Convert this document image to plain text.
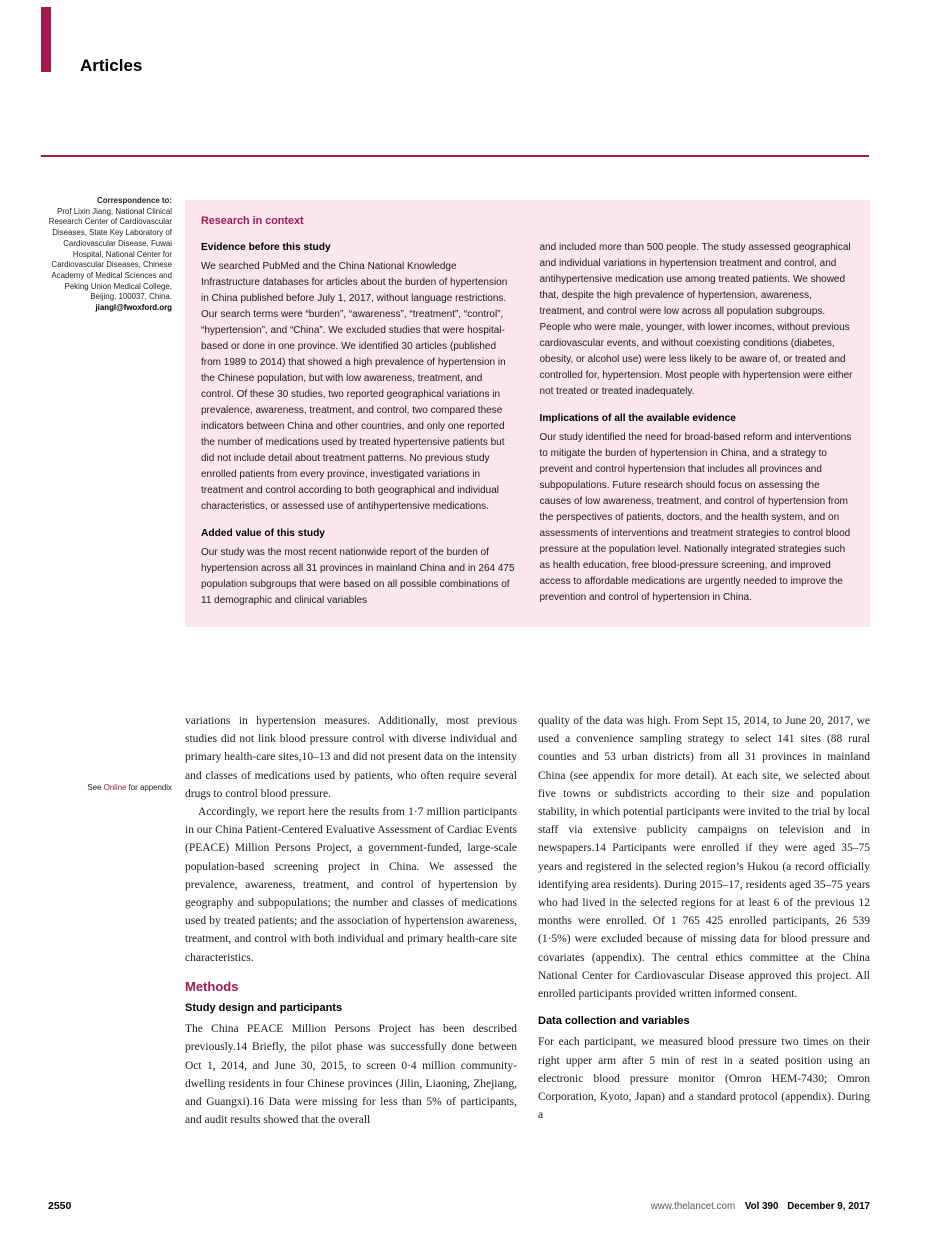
Articles
Correspondence to:
Prof Lixin Jiang, National Clinical Research Center of Cardiovascular Diseases, State Key Laboratory of Cardiovascular Disease, Fuwai Hospital, National Center for Cardiovascular Diseases, Chinese Academy of Medical Sciences and Peking Union Medical College, Beijing, 100037, China.
jiangl@fwoxford.org
See Online for appendix
Research in context
Evidence before this study

We searched PubMed and the China National Knowledge Infrastructure databases for articles about the burden of hypertension in China published before July 1, 2017, without language restrictions. Our search terms were “burden”, “awareness”, “treatment”, “control”, “hypertension”, and “China”. We excluded studies that were hospital-based or done in one province. We identified 30 articles (published from 1989 to 2014) that showed a high prevalence of hypertension in the Chinese population, but with low awareness, treatment, and control. Of these 30 studies, two reported geographical variations in prevalence, awareness, treatment, and control, two compared these indicators between China and other countries, and only one reported the number of medications used by treated hypertensive patients but did not include detail about treatment patterns. No previous study enrolled patients from every province, investigated variations in treatment and control according to both geographical and individual characteristics, or assessed use of antihypertensive medications.

Added value of this study

Our study was the most recent nationwide report of the burden of hypertension across all 31 provinces in mainland China and in 264 475 population subgroups that were based on all possible combinations of 11 demographic and clinical variables

and included more than 500 people. The study assessed geographical and individual variations in hypertension treatment and control, and antihypertensive medication use among treated patients. We showed that, despite the high prevalence of hypertension, awareness, treatment, and control were low across all population subgroups. People who were male, younger, with lower incomes, without previous cardiovascular events, and without coexisting conditions (diabetes, obesity, or alcohol use) were less likely to be aware of, or treated and controlled for, hypertension. Most people with hypertension were either not treated or treated inadequately.

Implications of all the available evidence

Our study identified the need for broad-based reform and interventions to mitigate the burden of hypertension in China, and a strategy to prevent and control hypertension that includes all provinces and subpopulations. Future research should focus on assessing the causes of low awareness, treatment, and control of hypertension from the perspectives of patients, doctors, and the health system, and on assessments of interventions and treatment strategies to control blood pressure at the population level. Nationally integrated strategies such as health education, free blood-pressure screening, and improved access to affordable medications are urgently needed to improve the prevention and control of hypertension in China.

variations in hypertension measures. Additionally, most previous studies did not link blood pressure control with diverse individual and primary health-care sites,10–13 and did not present data on the intensity and classes of medications used by patients, who often require several drugs to control blood pressure.

Accordingly, we report here the results from 1·7 million participants in our China Patient-Centered Evaluative Assessment of Cardiac Events (PEACE) Million Persons Project, a government-funded, large-scale population-based screening project in China. We assessed the prevalence, awareness, treatment, and control of hypertension by geography and subpopulations; the number and classes of medications used by treated patients; and the association of hypertension awareness, treatment, and control with both individual and primary health-care site characteristics.

Methods
Study design and participants

The China PEACE Million Persons Project has been described previously.14 Briefly, the pilot phase was successfully done between Oct 1, 2014, and June 30, 2015, to screen 0·4 million community-dwelling residents in four Chinese provinces (Jilin, Liaoning, Zhejiang, and Guangxi).16 Data were missing for less than 5% of participants, and audit results showed that the overall

quality of the data was high. From Sept 15, 2014, to June 20, 2017, we used a convenience sampling strategy to select 141 sites (88 rural counties and 53 urban districts) from all 31 provinces in mainland China (see appendix for more detail). At each site, we selected about five towns or subdistricts according to their size and population stability, in which potential participants were invited to the trial by local staff via extensive publicity campaigns on television and in newspapers.14 Participants were enrolled if they were aged 35–75 years and registered in the selected region’s Hukou (a record officially identifying area residents). During 2015–17, residents aged 35–75 years who had lived in the selected regions for at least 6 of the previous 12 months were enrolled. Of 1 765 425 enrolled participants, 26 539 (1·5%) were excluded because of missing data for blood pressure and covariates (appendix). The central ethics committee at the China National Center for Cardiovascular Disease approved this project. All enrolled participants provided written informed consent.

Data collection and variables

For each participant, we measured blood pressure two times on their right upper arm after 5 min of rest in a seated position using an electronic blood pressure monitor (Omron HEM-7430; Omron Corporation, Kyoto, Japan) and a standard protocol (appendix). During a

2550	www.thelancet.com Vol 390 December 9, 2017
